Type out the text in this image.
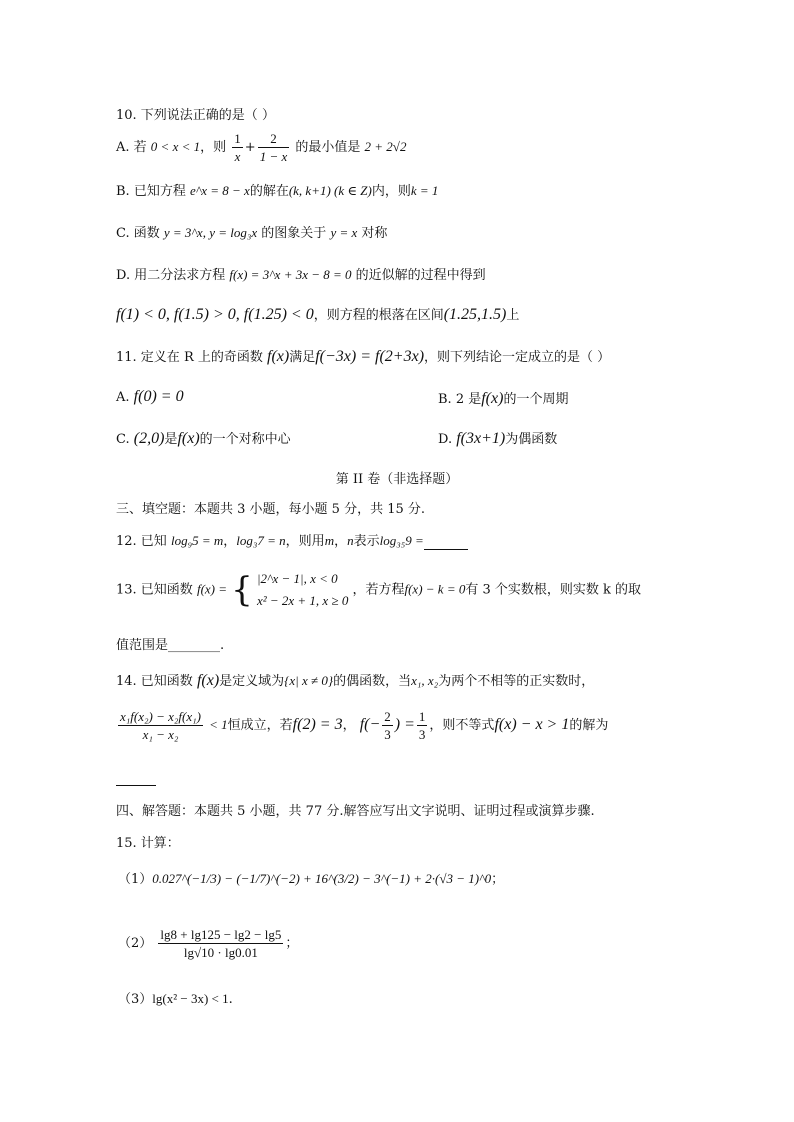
10. 下列说法正确的是（ ）
A. 若 0 < x < 1，则 $\frac{1}{x} + \frac{2}{1 - x}$ 的最小值是 2 + 2√2
B. 已知方程 e^x = 8 − x的解在(k, k+1) (k ∈ Z)内，则k = 1
C. 函数 y = 3^x, y = log₃x 的图象关于 y = x 对称
D. 用二分法求方程 f(x) = 3^x + 3x − 8 = 0 的近似解的过程中得到
f(1) < 0, f(1.5) > 0, f(1.25) < 0，则方程的根落在区间(1.25,1.5)上
11. 定义在 R 上的奇函数 f(x)满足f(−3x) = f(2+3x)，则下列结论一定成立的是（ ）
A. f(0) = 0	B. 2 是f(x)的一个周期
C. (2,0)是f(x)的一个对称中心	D. f(3x+1)为偶函数
第 II 卷（非选择题）
三、填空题：本题共 3 小题，每小题 5 分，共 15 分.
12. 已知 log₉5 = m，log₃7 = n，则用m，n表示log₃₅9 =
13. 已知函数 f(x) = { |2^x − 1|, x < 0
x² − 2x + 1, x ≥ 0
，若方程f(x) − k = 0有 3 个实数根，则实数 k 的取
值范围是________.
14. 已知函数 f(x)是定义域为{x| x ≠ 0}的偶函数，当x₁, x₂为两个不相等的正实数时，
$\frac{\text{x₁f(x₂) − x₂f(x₁)}}{\text{x₁ − x₂}} < 1$恒成立，若f(2) = 3， $f(- \frac{2}{3}$ ) = $\frac{1}{3}$ ，则不等式f(x) − x > 1的解为

四、解答题：本题共 5 小题，共 77 分.解答应写出文字说明、证明过程或演算步骤.
15. 计算：
（1）0.027^(−1/3) − (−1/7)^(−2) + 16^(3/2) − 3^(−1) + 2·(√3 − 1)^0；
$(2) \frac{\lg 8 + \lg 125 - \lg 2 - \lg 5}{\lg√10 \cdot \lg 0.01}$ ；
（3）lg(x² − 3x) < 1.
